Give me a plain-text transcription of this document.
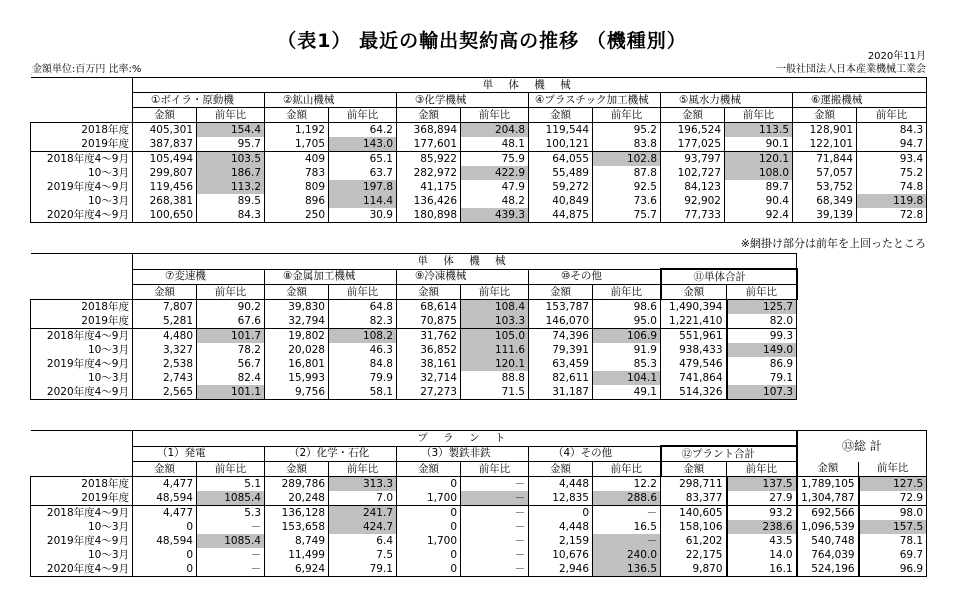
（表1） 最近の輸出契約高の推移 （機種別）
2020年11月
金額単位:百万円 比率:%	一般社団法人日本産業機械工業会
	単 体 機 械											
	①ボイラ・原動機		②鉱山機械		③化学機械		④プラスチック加工機械		⑤風水力機械		⑥運搬機械	
	金額	前年比	金額	前年比	金額	前年比	金額	前年比	金額	前年比	金額	前年比
2018年度	405,301	154.4	1,192	64.2	368,894	204.8	119,544	95.2	196,524	113.5	128,901	84.3
2019年度	387,837	95.7	1,705	143.0	177,601	48.1	100,121	83.8	177,025	90.1	122,101	94.7
2018年度4～9月	105,494	103.5	409	65.1	85,922	75.9	64,055	102.8	93,797	120.1	71,844	93.4
10～3月	299,807	186.7	783	63.7	282,972	422.9	55,489	87.8	102,727	108.0	57,057	75.2
2019年度4～9月	119,456	113.2	809	197.8	41,175	47.9	59,272	92.5	84,123	89.7	53,752	74.8
10～3月	268,381	89.5	896	114.4	136,426	48.2	40,849	73.6	92,902	90.4	68,349	119.8
2020年度4～9月	100,650	84.3	250	30.9	180,898	439.3	44,875	75.7	77,733	92.4	39,139	72.8
※網掛け部分は前年を上回ったところ
	単 体 機 械									
	⑦変速機		⑧金属加工機械		⑨冷凍機械		⑩その他		⑪単体合計	
	金額	前年比	金額	前年比	金額	前年比	金額	前年比	金額	前年比
2018年度	7,807	90.2	39,830	64.8	68,614	108.4	153,787	98.6	1,490,394	125.7
2019年度	5,281	67.6	32,794	82.3	70,875	103.3	146,070	95.0	1,221,410	82.0
2018年度4～9月	4,480	101.7	19,802	108.2	31,762	105.0	74,396	106.9	551,961	99.3
10～3月	3,327	78.2	20,028	46.3	36,852	111.6	79,391	91.9	938,433	149.0
2019年度4～9月	2,538	56.7	16,801	84.8	38,161	120.1	63,459	85.3	479,546	86.9
10～3月	2,743	82.4	15,993	79.9	32,714	88.8	82,611	104.1	741,864	79.1
2020年度4～9月	2,565	101.1	9,756	58.1	27,273	71.5	31,187	49.1	514,326	107.3
	プ ラ ン ト										⑬総 計	
	（1）発電		（2）化学・石化		（3）製鉄非鉄		（4）その他		⑫プラント合計			
	金額	前年比	金額	前年比	金額	前年比	金額	前年比	金額	前年比	金額	前年比
2018年度	4,477	5.1	289,786	313.3	0	－	4,448	12.2	298,711	137.5	1,789,105	127.5
2019年度	48,594	1085.4	20,248	7.0	1,700	－	12,835	288.6	83,377	27.9	1,304,787	72.9
2018年度4～9月	4,477	5.3	136,128	241.7	0	－	0	－	140,605	93.2	692,566	98.0
10～3月	0	－	153,658	424.7	0	－	4,448	16.5	158,106	238.6	1,096,539	157.5
2019年度4～9月	48,594	1085.4	8,749	6.4	1,700	－	2,159	－	61,202	43.5	540,748	78.1
10～3月	0	－	11,499	7.5	0	－	10,676	240.0	22,175	14.0	764,039	69.7
2020年度4～9月	0	－	6,924	79.1	0	－	2,946	136.5	9,870	16.1	524,196	96.9
